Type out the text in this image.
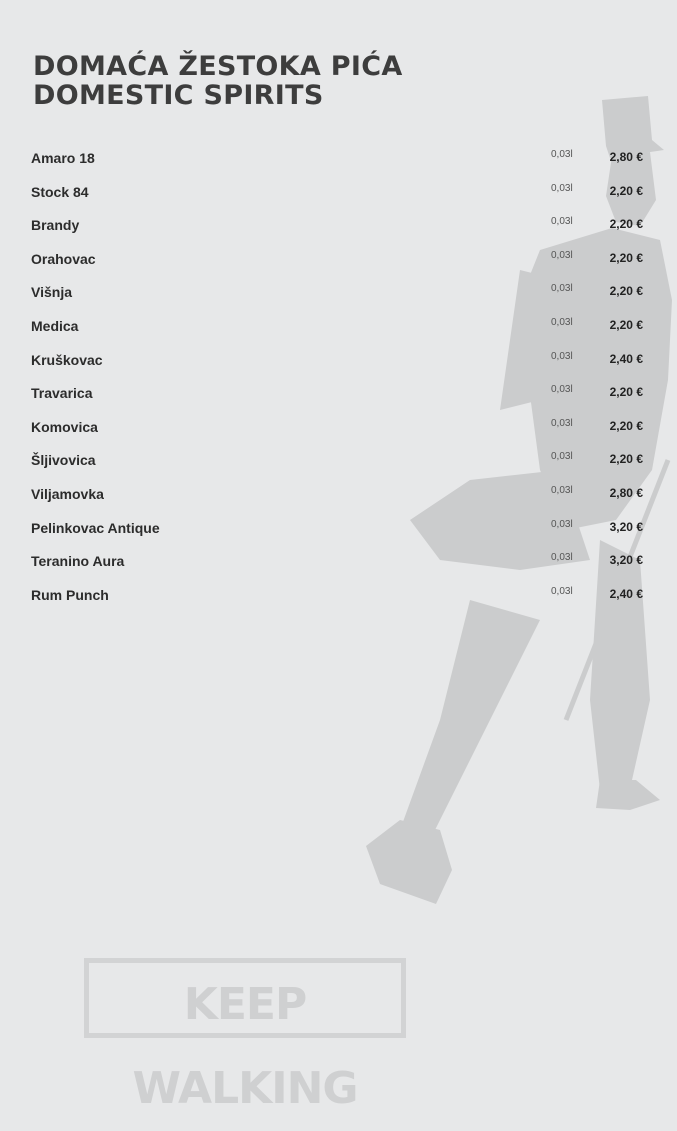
DOMAĆA ŽESTOKA PIĆA
DOMESTIC SPIRITS
Amaro 18	0,03l	2,80 €
Stock 84	0,03l	2,20 €
Brandy	0,03l	2,20 €
Orahovac	0,03l	2,20 €
Višnja	0,03l	2,20 €
Medica	0,03l	2,20 €
Kruškovac	0,03l	2,40 €
Travarica	0,03l	2,20 €
Komovica	0,03l	2,20 €
Šljivovica	0,03l	2,20 €
Viljamovka	0,03l	2,80 €
Pelinkovac Antique	0,03l	3,20 €
Teranino Aura	0,03l	3,20 €
Rum Punch	0,03l	2,40 €
KEEP WALKING
